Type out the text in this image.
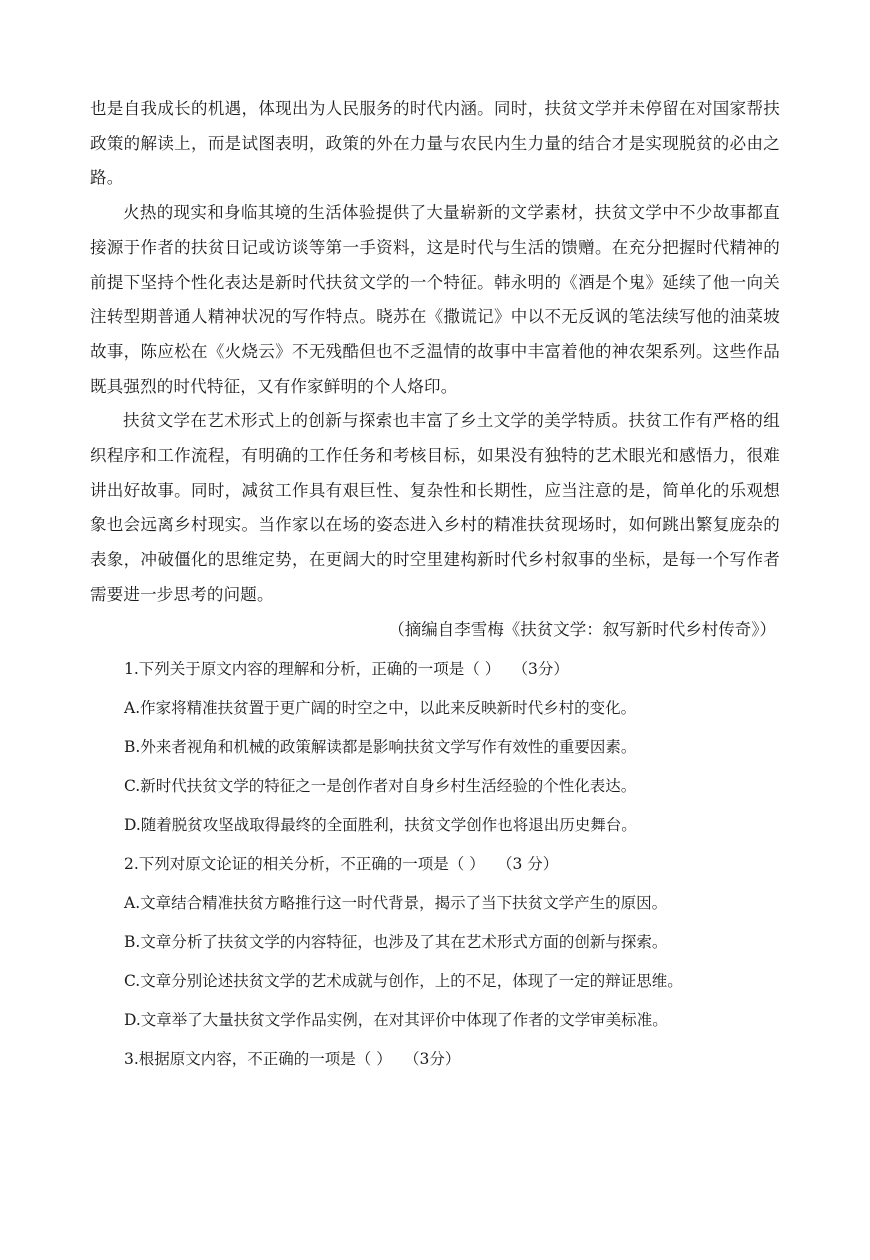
也是自我成长的机遇，体现出为人民服务的时代内涵。同时，扶贫文学并未停留在对国家帮扶政策的解读上，而是试图表明，政策的外在力量与农民内生力量的结合才是实现脱贫的必由之路。

火热的现实和身临其境的生活体验提供了大量崭新的文学素材，扶贫文学中不少故事都直接源于作者的扶贫日记或访谈等第一手资料，这是时代与生活的馈赠。在充分把握时代精神的前提下坚持个性化表达是新时代扶贫文学的一个特征。韩永明的《酒是个鬼》延续了他一向关注转型期普通人精神状况的写作特点。晓苏在《撒谎记》中以不无反讽的笔法续写他的油菜坡故事，陈应松在《火烧云》不无残酷但也不乏温情的故事中丰富着他的神农架系列。这些作品既具强烈的时代特征，又有作家鲜明的个人烙印。

扶贫文学在艺术形式上的创新与探索也丰富了乡土文学的美学特质。扶贫工作有严格的组织程序和工作流程，有明确的工作任务和考核目标，如果没有独特的艺术眼光和感悟力，很难讲出好故事。同时，减贫工作具有艰巨性、复杂性和长期性，应当注意的是，简单化的乐观想象也会远离乡村现实。当作家以在场的姿态进入乡村的精准扶贫现场时，如何跳出繁复庞杂的表象，冲破僵化的思维定势，在更阔大的时空里建构新时代乡村叙事的坐标，是每一个写作者需要进一步思考的问题。

（摘编自李雪梅《扶贫文学：叙写新时代乡村传奇》）

1.下列关于原文内容的理解和分析，正确的一项是（ ） （3分）

A.作家将精准扶贫置于更广阔的时空之中，以此来反映新时代乡村的变化。

B.外来者视角和机械的政策解读都是影响扶贫文学写作有效性的重要因素。

C.新时代扶贫文学的特征之一是创作者对自身乡村生活经验的个性化表达。

D.随着脱贫攻坚战取得最终的全面胜利，扶贫文学创作也将退出历史舞台。

2.下列对原文论证的相关分析，不正确的一项是（ ） （3 分）

A.文章结合精准扶贫方略推行这一时代背景，揭示了当下扶贫文学产生的原因。

B.文章分析了扶贫文学的内容特征，也涉及了其在艺术形式方面的创新与探索。

C.文章分别论述扶贫文学的艺术成就与创作，上的不足，体现了一定的辩证思维。

D.文章举了大量扶贫文学作品实例，在对其评价中体现了作者的文学审美标准。

3.根据原文内容，不正确的一项是（ ） （3分）
